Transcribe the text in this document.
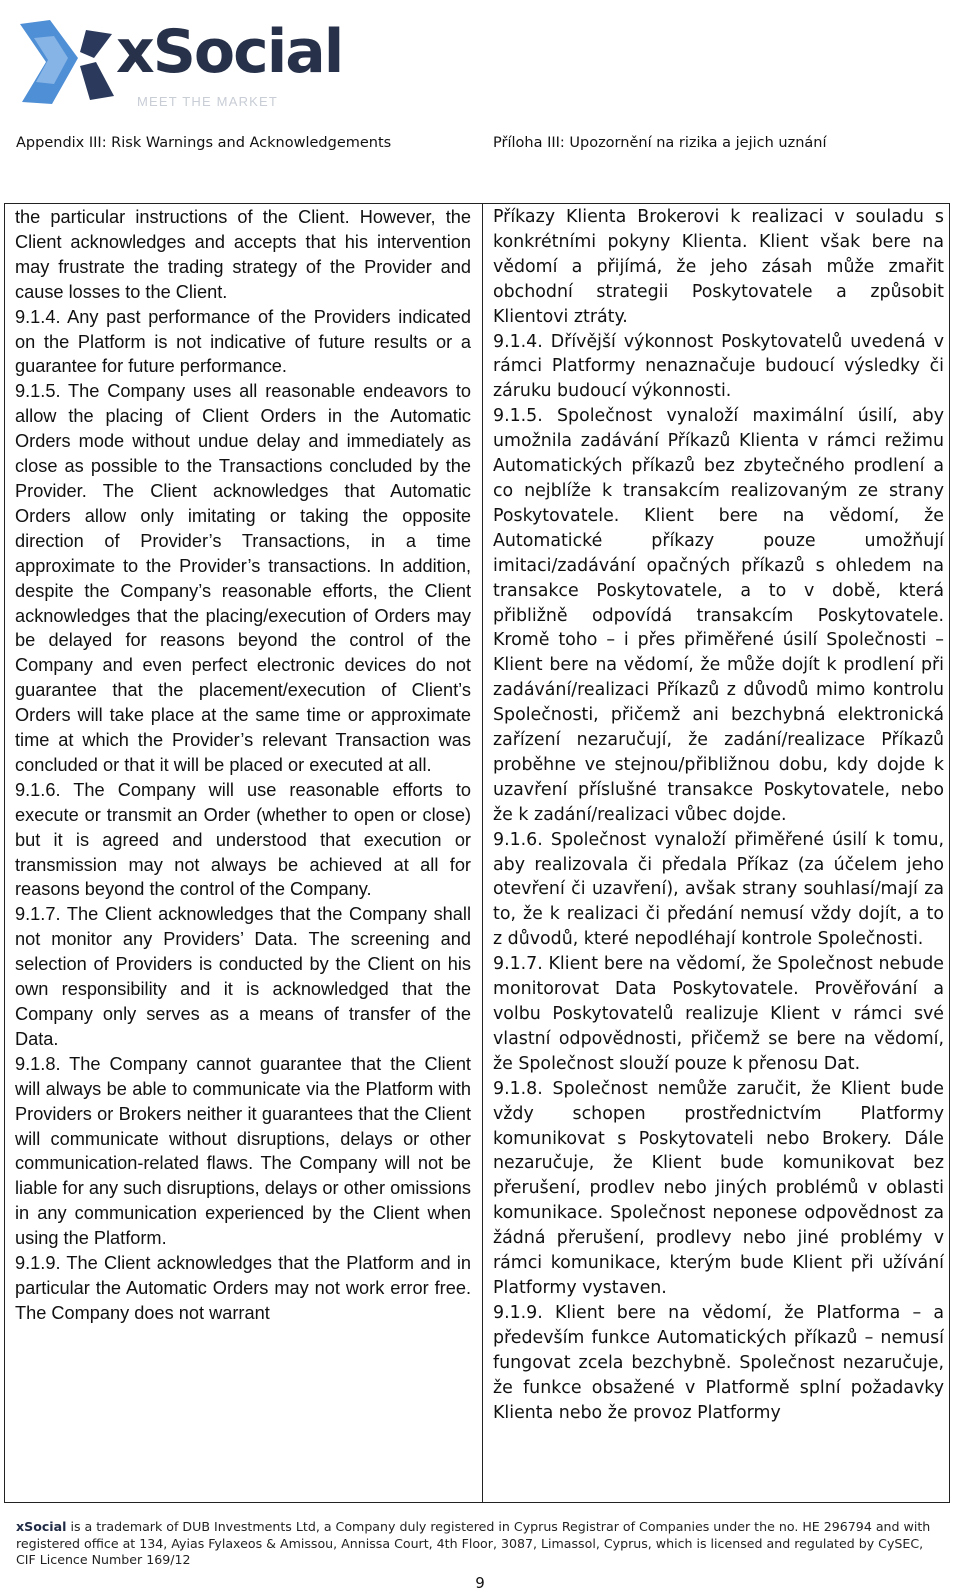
xSocial
MEET THE MARKET
Appendix III: Risk Warnings and Acknowledgements	Příloha III: Upozornění na rizika a jejich uznání

the particular instructions of the Client. However, the Client acknowledges and accepts that his intervention may frustrate the trading strategy of the Provider and cause losses to the Client.

9.1.4. Any past performance of the Providers indicated on the Platform is not indicative of future results or a guarantee for future performance.

9.1.5. The Company uses all reasonable endeavors to allow the placing of Client Orders in the Automatic Orders mode without undue delay and immediately as close as possible to the Transactions concluded by the Provider. The Client acknowledges that Automatic Orders allow only imitating or taking the opposite direction of Provider’s Transactions, in a time approximate to the Provider’s transactions. In addition, despite the Company’s reasonable efforts, the Client acknowledges that the placing/execution of Orders may be delayed for reasons beyond the control of the Company and even perfect electronic devices do not guarantee that the placement/execution of Client’s Orders will take place at the same time or approximate time at which the Provider’s relevant Transaction was concluded or that it will be placed or executed at all.

9.1.6. The Company will use reasonable efforts to execute or transmit an Order (whether to open or close) but it is agreed and understood that execution or transmission may not always be achieved at all for reasons beyond the control of the Company.

9.1.7. The Client acknowledges that the Company shall not monitor any Providers’ Data. The screening and selection of Providers is conducted by the Client on his own responsibility and it is acknowledged that the Company only serves as a means of transfer of the Data.

9.1.8. The Company cannot guarantee that the Client will always be able to communicate via the Platform with Providers or Brokers neither it guarantees that the Client will communicate without disruptions, delays or other communication-related flaws. The Company will not be liable for any such disruptions, delays or other omissions in any communication experienced by the Client when using the Platform.

9.1.9. The Client acknowledges that the Platform and in particular the Automatic Orders may not work error free. The Company does not warrant

Příkazy Klienta Brokerovi k realizaci v souladu s konkrétními pokyny Klienta. Klient však bere na vědomí a přijímá, že jeho zásah může zmařit obchodní strategii Poskytovatele a způsobit Klientovi ztráty.

9.1.4. Dřívější výkonnost Poskytovatelů uvedená v rámci Platformy nenaznačuje budoucí výsledky či záruku budoucí výkonnosti.

9.1.5. Společnost vynaloží maximální úsilí, aby umožnila zadávání Příkazů Klienta v rámci režimu Automatických příkazů bez zbytečného prodlení a co nejblíže k transakcím realizovaným ze strany Poskytovatele. Klient bere na vědomí, že Automatické příkazy pouze umožňují imitaci/zadávání opačných příkazů s ohledem na transakce Poskytovatele, a to v době, která přibližně odpovídá transakcím Poskytovatele. Kromě toho – i přes přiměřené úsilí Společnosti – Klient bere na vědomí, že může dojít k prodlení při zadávání/realizaci Příkazů z důvodů mimo kontrolu Společnosti, přičemž ani bezchybná elektronická zařízení nezaručují, že zadání/realizace Příkazů proběhne ve stejnou/přibližnou dobu, kdy dojde k uzavření příslušné transakce Poskytovatele, nebo že k zadání/realizaci vůbec dojde.

9.1.6. Společnost vynaloží přiměřené úsilí k tomu, aby realizovala či předala Příkaz (za účelem jeho otevření či uzavření), avšak strany souhlasí/mají za to, že k realizaci či předání nemusí vždy dojít, a to z důvodů, které nepodléhají kontrole Společnosti.

9.1.7. Klient bere na vědomí, že Společnost nebude monitorovat Data Poskytovatele. Prověřování a volbu Poskytovatelů realizuje Klient v rámci své vlastní odpovědnosti, přičemž se bere na vědomí, že Společnost slouží pouze k přenosu Dat.

9.1.8. Společnost nemůže zaručit, že Klient bude vždy schopen prostřednictvím Platformy komunikovat s Poskytovateli nebo Brokery. Dále nezaručuje, že Klient bude komunikovat bez přerušení, prodlev nebo jiných problémů v oblasti komunikace. Společnost neponese odpovědnost za žádná přerušení, prodlevy nebo jiné problémy v rámci komunikace, kterým bude Klient při užívání Platformy vystaven.

9.1.9. Klient bere na vědomí, že Platforma – a především funkce Automatických příkazů – nemusí fungovat zcela bezchybně. Společnost nezaručuje, že funkce obsažené v Platformě splní požadavky Klienta nebo že provoz Platformy

xSocial is a trademark of DUB Investments Ltd, a Company duly registered in Cyprus Registrar of Companies under the no. HE 296794 and with registered office at 134, Ayias Fylaxeos & Amissou, Annissa Court, 4th Floor, 3087, Limassol, Cyprus, which is licensed and regulated by CySEC, CIF Licence Number 169/12
9
